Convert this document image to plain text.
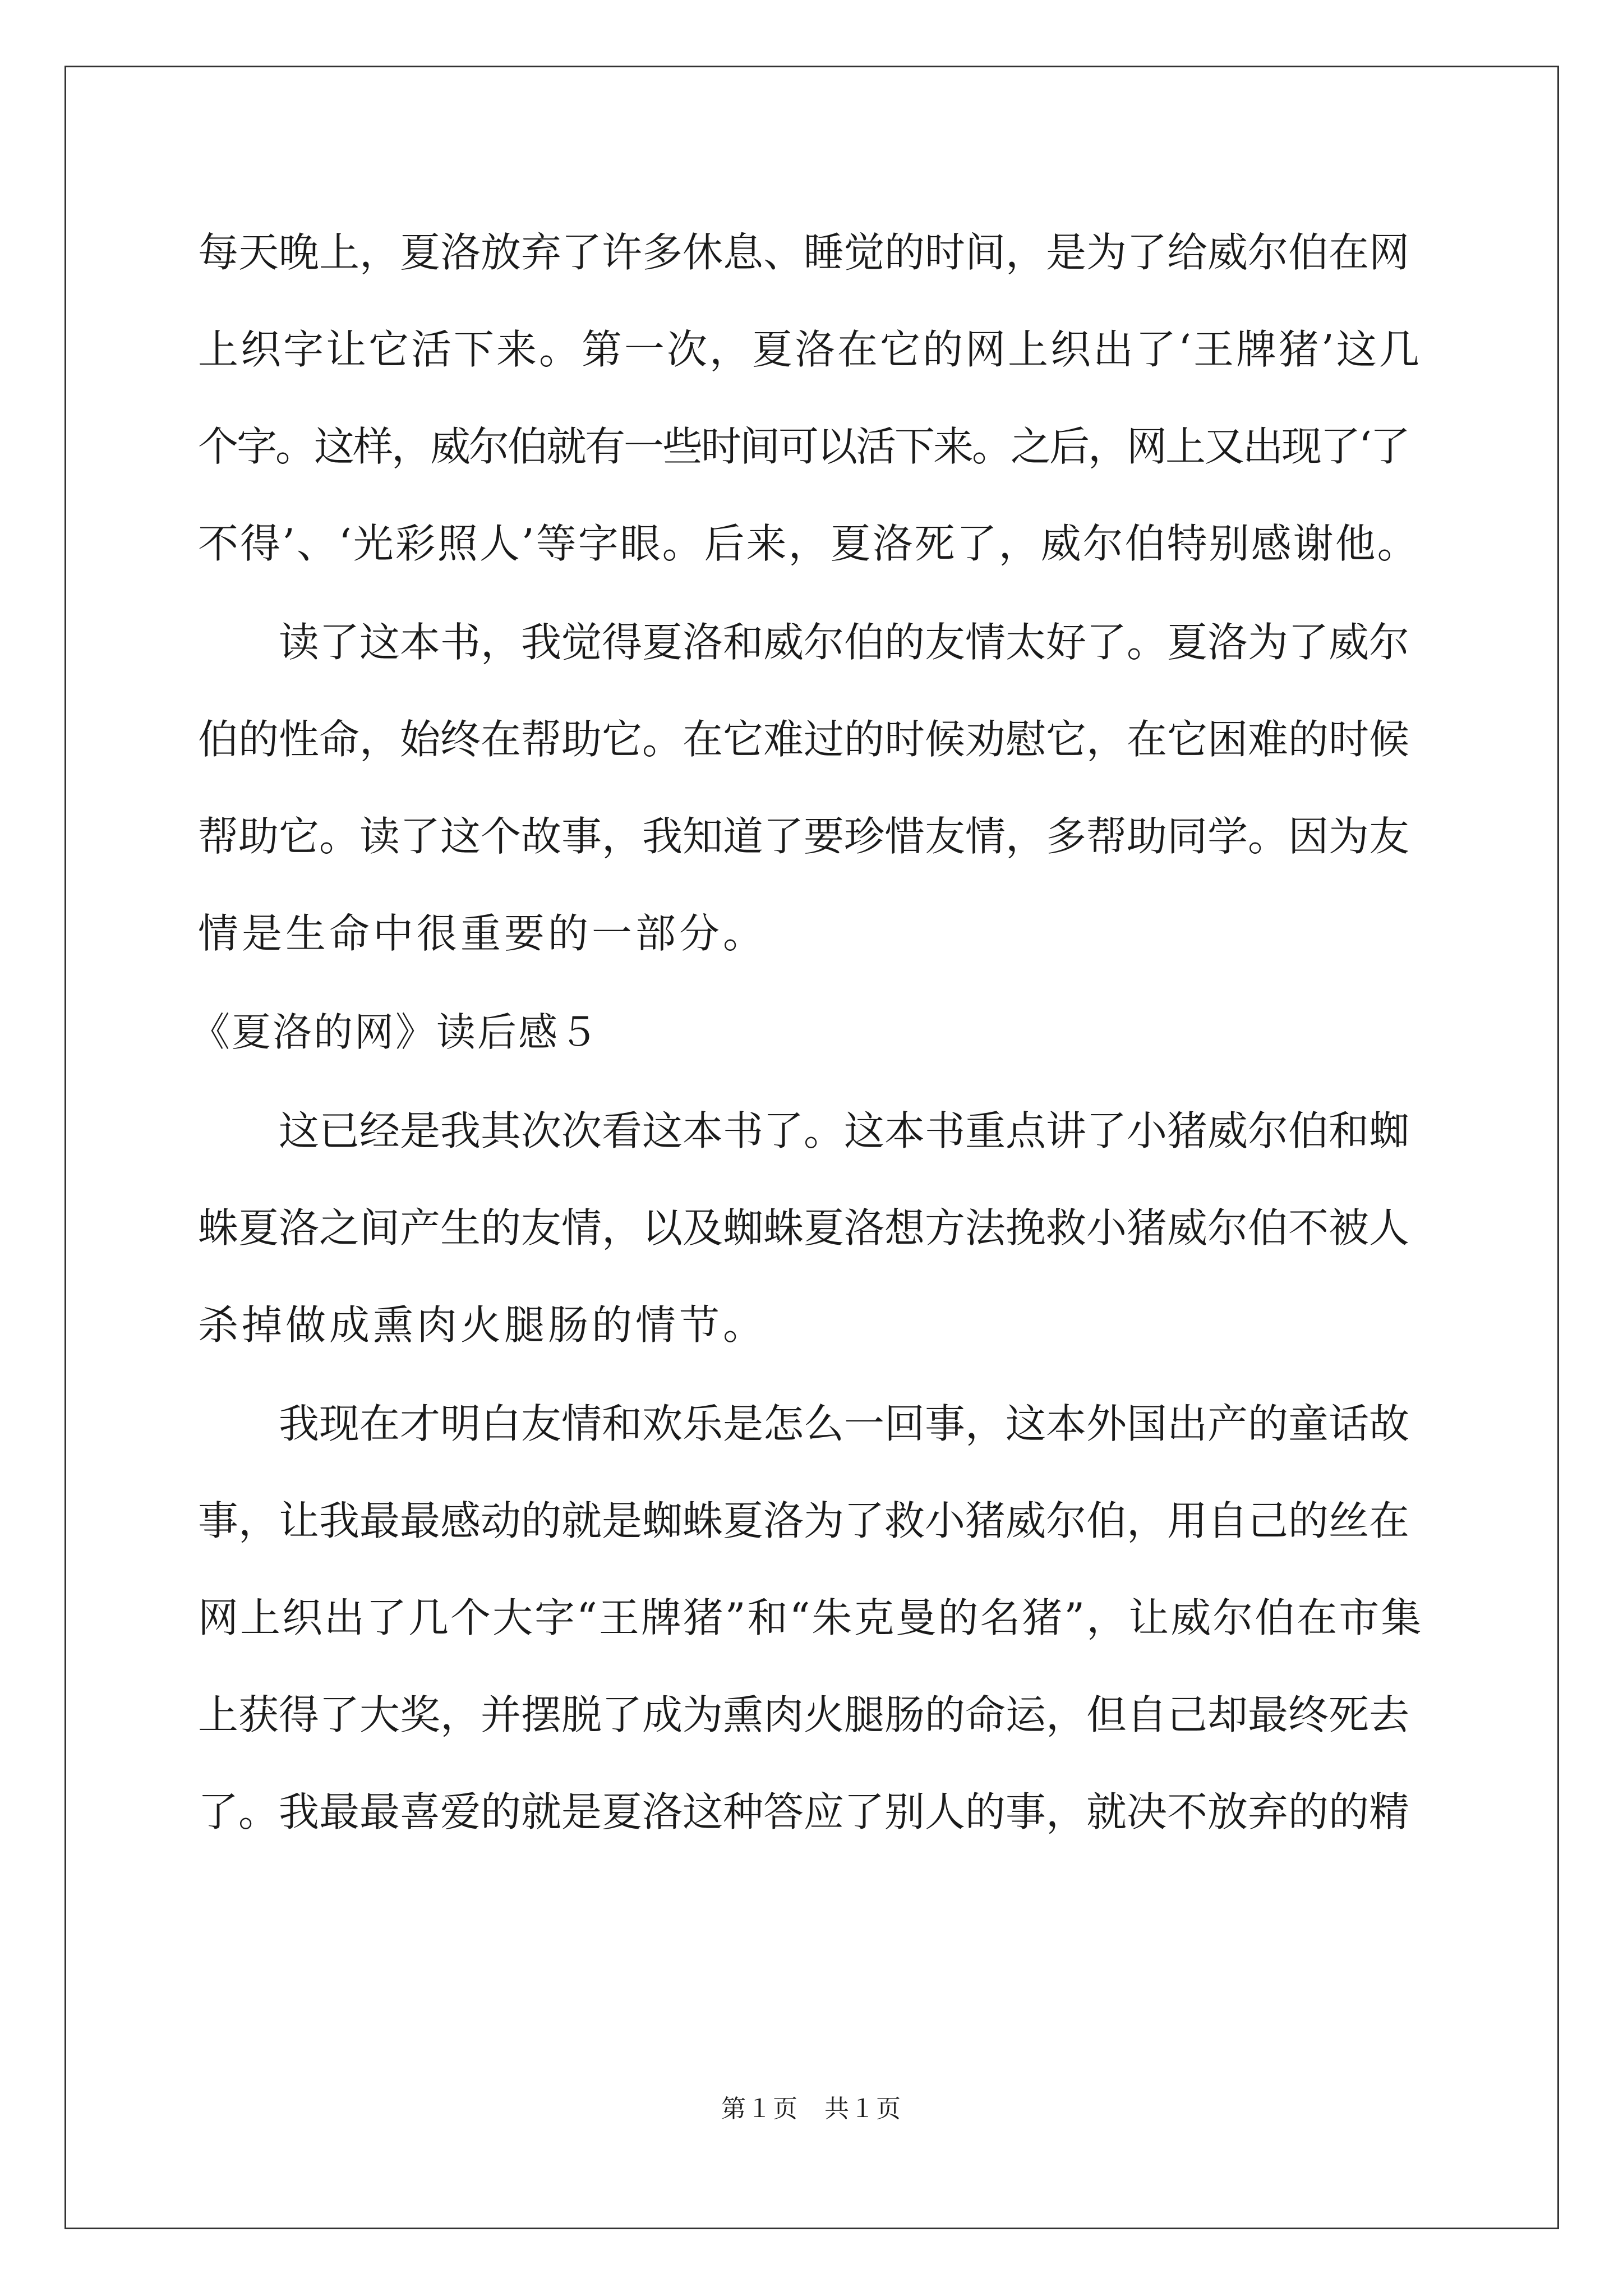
每天晚上，夏洛放弃了许多休息、睡觉的时间，是为了给威尔伯在网
上织字让它活下来。第一次，夏洛在它的网上织出了‘王牌猪’这几
个字。这样，威尔伯就有一些时间可以活下来。之后，网上又出现了‘了
不得’、‘光彩照人’等字眼。后来，夏洛死了，威尔伯特别感谢他。
读了这本书，我觉得夏洛和威尔伯的友情太好了。夏洛为了威尔
伯的性命，始终在帮助它。在它难过的时候劝慰它，在它困难的时候
帮助它。读了这个故事，我知道了要珍惜友情，多帮助同学。因为友
情是生命中很重要的一部分。
《夏洛的网》读后感５
这已经是我其次次看这本书了。这本书重点讲了小猪威尔伯和蜘
蛛夏洛之间产生的友情，以及蜘蛛夏洛想方法挽救小猪威尔伯不被人
杀掉做成熏肉火腿肠的情节。
我现在才明白友情和欢乐是怎么一回事，这本外国出产的童话故
事，让我最最感动的就是蜘蛛夏洛为了救小猪威尔伯，用自己的丝在
网上织出了几个大字“王牌猪”和“朱克曼的名猪”，让威尔伯在市集
上获得了大奖，并摆脱了成为熏肉火腿肠的命运，但自己却最终死去
了。我最最喜爱的就是夏洛这种答应了别人的事，就决不放弃的的精
第１页　共１页
